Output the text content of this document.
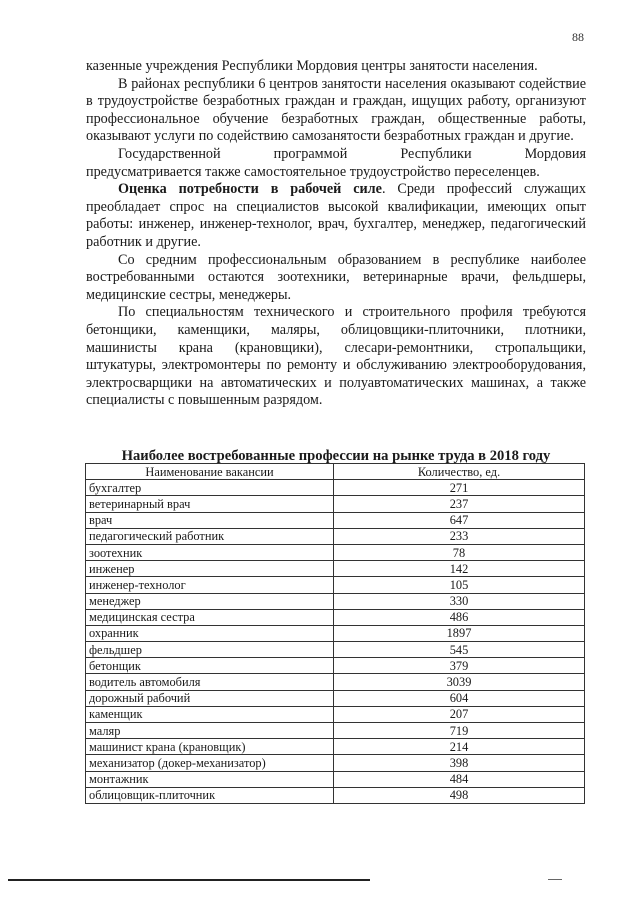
88

казенные учреждения Республики Мордовия центры занятости населения.

В районах республики 6 центров занятости населения оказывают содействие в трудоустройстве безработных граждан и граждан, ищущих работу, организуют профессиональное обучение безработных граждан, общественные работы, оказывают услуги по содействию самозанятости безработных граждан и другие.

Государственной программой Республики Мордовия

предусматривается также самостоятельное трудоустройство переселенцев.

Оценка потребности в рабочей силе. Среди профессий служащих преобладает спрос на специалистов высокой квалификации, имеющих опыт работы: инженер, инженер-технолог, врач, бухгалтер, менеджер, педагогический работник и другие.

Со средним профессиональным образованием в республике наиболее востребованными остаются зоотехники, ветеринарные врачи, фельдшеры, медицинские сестры, менеджеры.

По специальностям технического и строительного профиля требуются бетонщики, каменщики, маляры, облицовщики-плиточники, плотники, машинисты крана (крановщики), слесари-ремонтники, стропальщики, штукатуры, электромонтеры по ремонту и обслуживанию электрооборудования, электросварщики на автоматических и полуавтоматических машинах, а также специалисты с повышенным разрядом.

Наиболее востребованные профессии на рынке труда в 2018 году
Наименование вакансии	Количество, ед.
бухгалтер	271
ветеринарный врач	237
врач	647
педагогический работник	233
зоотехник	78
инженер	142
инженер-технолог	105
менеджер	330
медицинская сестра	486
охранник	1897
фельдшер	545
бетонщик	379
водитель автомобиля	3039
дорожный рабочий	604
каменщик	207
маляр	719
машинист крана (крановщик)	214
механизатор (докер-механизатор)	398
монтажник	484
облицовщик-плиточник	498
